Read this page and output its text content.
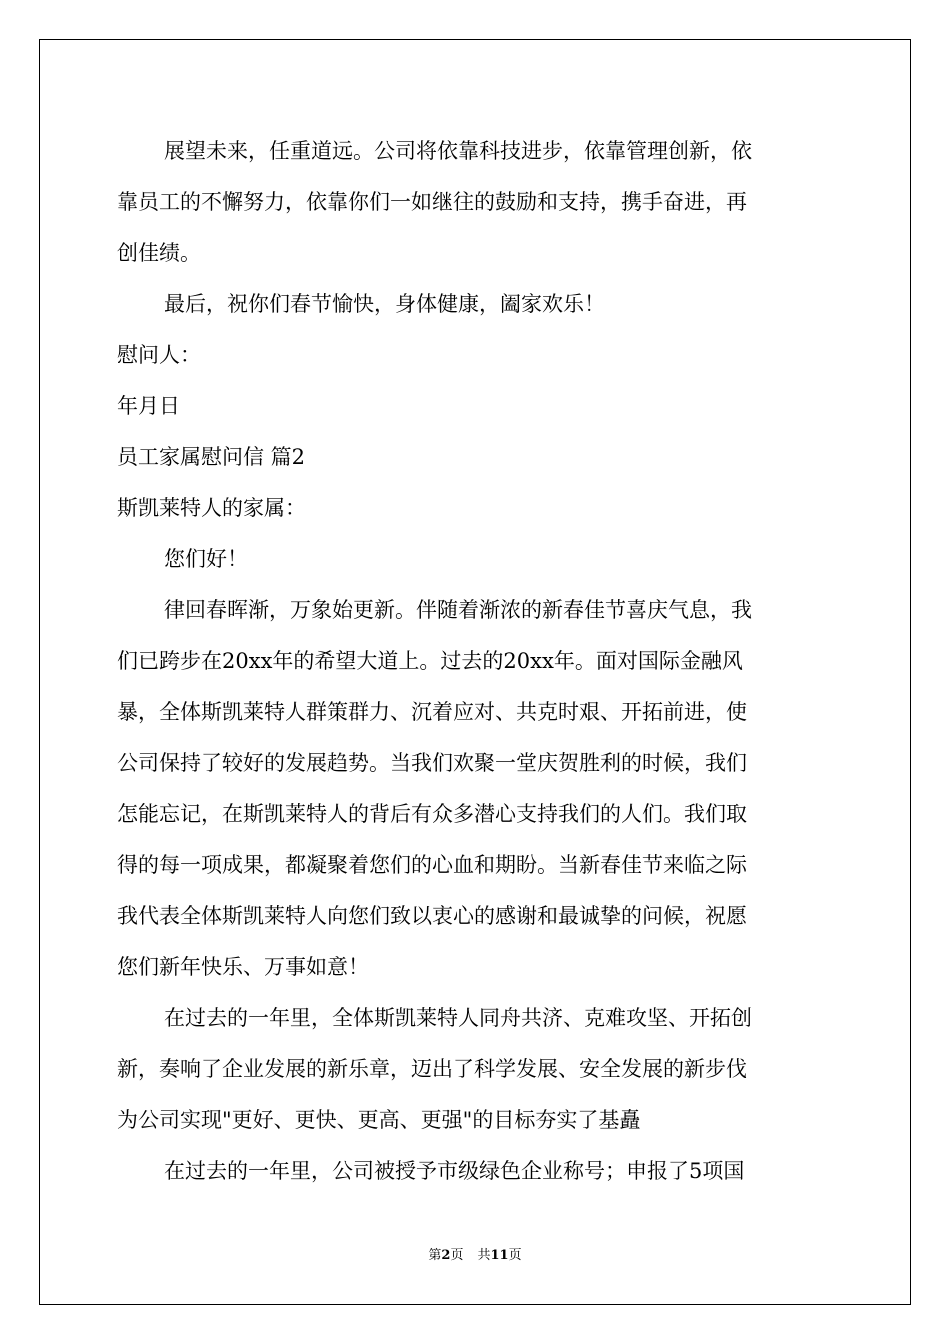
展望未来，任重道远。公司将依靠科技进步，依靠管理创新，依
靠员工的不懈努力，依靠你们一如继往的鼓励和支持，携手奋进，再
创佳绩。
最后，祝你们春节愉快，身体健康，阖家欢乐！
慰问人：
年月日
员工家属慰问信 篇2
斯凯莱特人的家属：
您们好！
律回春晖渐，万象始更新。伴随着渐浓的新春佳节喜庆气息，我
们已跨步在20xx年的希望大道上。过去的20xx年。面对国际金融风
暴，全体斯凯莱特人群策群力、沉着应对、共克时艰、开拓前进，使
公司保持了较好的发展趋势。当我们欢聚一堂庆贺胜利的时候，我们
怎能忘记，在斯凯莱特人的背后有众多潜心支持我们的人们。我们取
得的每一项成果，都凝聚着您们的心血和期盼。当新春佳节来临之际
我代表全体斯凯莱特人向您们致以衷心的感谢和最诚挚的问候，祝愿
您们新年快乐、万事如意！
在过去的一年里，全体斯凯莱特人同舟共济、克难攻坚、开拓创
新，奏响了企业发展的新乐章，迈出了科学发展、安全发展的新步伐
为公司实现"更好、更快、更高、更强"的目标夯实了基矗
在过去的一年里，公司被授予市级绿色企业称号；申报了5项国
第2页 共11页
